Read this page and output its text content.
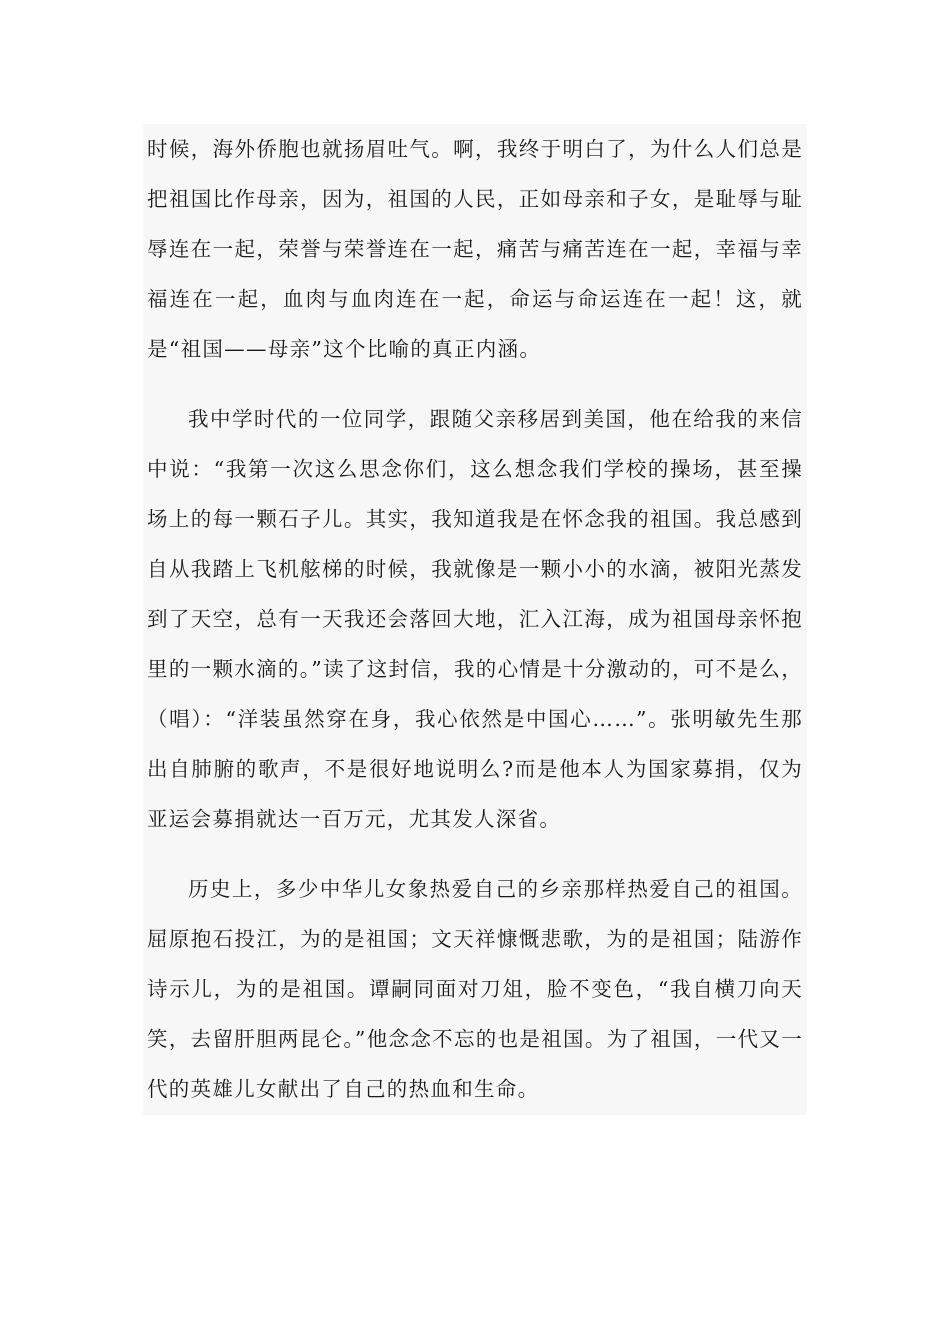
时候，海外侨胞也就扬眉吐气。啊，我终于明白了，为什么人们总是把祖国比作母亲，因为，祖国的人民，正如母亲和子女，是耻辱与耻辱连在一起，荣誉与荣誉连在一起，痛苦与痛苦连在一起，幸福与幸福连在一起，血肉与血肉连在一起，命运与命运连在一起！这，就是“祖国——母亲”这个比喻的真正内涵。

我中学时代的一位同学，跟随父亲移居到美国，他在给我的来信中说：“我第一次这么思念你们，这么想念我们学校的操场，甚至操场上的每一颗石子儿。其实，我知道我是在怀念我的祖国。我总感到自从我踏上飞机舷梯的时候，我就像是一颗小小的水滴，被阳光蒸发到了天空，总有一天我还会落回大地，汇入江海，成为祖国母亲怀抱里的一颗水滴的。”读了这封信，我的心情是十分激动的，可不是么，（唱）：“洋装虽然穿在身，我心依然是中国心……”。张明敏先生那出自肺腑的歌声，不是很好地说明么?而是他本人为国家募捐，仅为亚运会募捐就达一百万元，尤其发人深省。

历史上，多少中华儿女象热爱自己的乡亲那样热爱自己的祖国。屈原抱石投江，为的是祖国；文天祥慷慨悲歌，为的是祖国；陆游作诗示儿，为的是祖国。谭嗣同面对刀俎，脸不变色，“我自横刀向天笑，去留肝胆两昆仑。”他念念不忘的也是祖国。为了祖国，一代又一代的英雄儿女献出了自己的热血和生命。
